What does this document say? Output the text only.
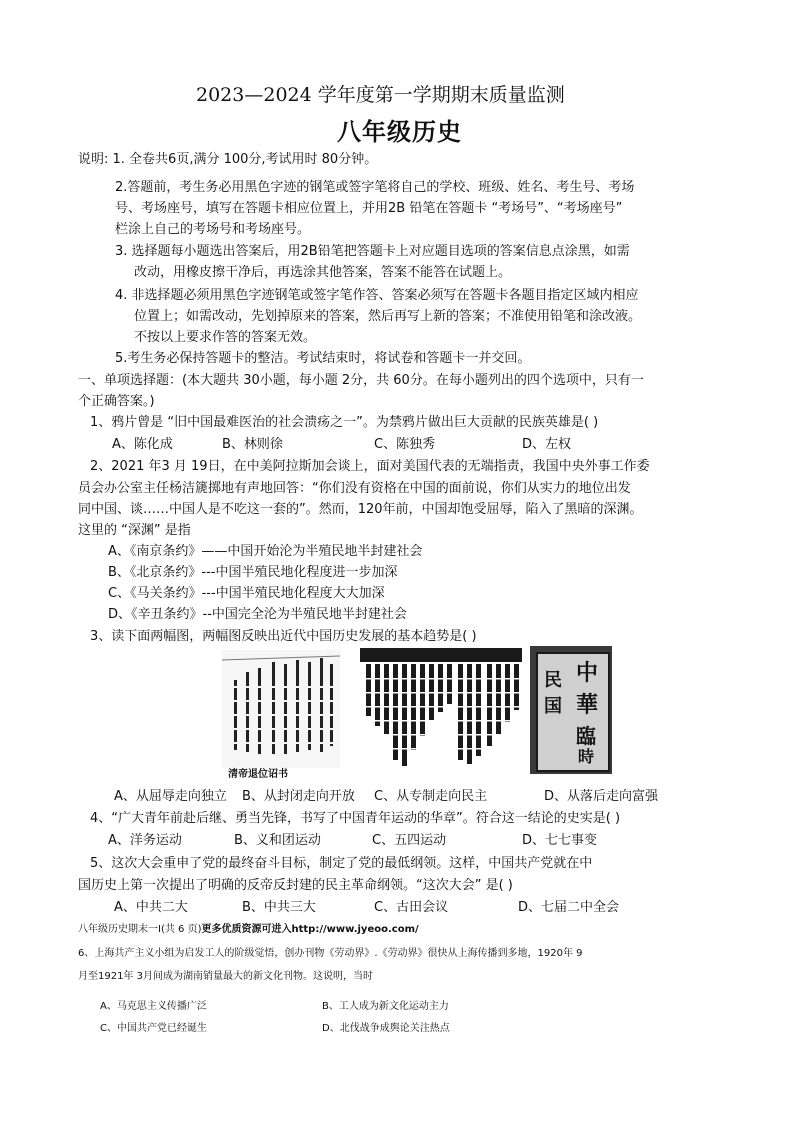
2023—2024 学年度第一学期期末质量监测
八年级历史
说明: 1. 全卷共6页,满分 100分,考试用时 80分钟。
2.答题前，考生务必用黑色字迹的钢笔或签字笔将自己的学校、班级、姓名、考生号、考场
号、考场座号，填写在答题卡相应位置上，并用2B 铅笔在答题卡 “考场号”、“考场座号”
栏涂上自己的考场号和考场座号。
3. 选择题每小题选出答案后，用2B铅笔把答题卡上对应题目选项的答案信息点涂黑，如需
改动，用橡皮擦干净后，再选涂其他答案，答案不能答在试题上。
4. 非选择题必须用黑色字迹钢笔或签字笔作答、答案必须写在答题卡各题目指定区域内相应
位置上；如需改动，先划掉原来的答案，然后再写上新的答案；不准使用铅笔和涂改液。
不按以上要求作答的答案无效。
5.考生务必保持答题卡的整洁。考试结束时，将试卷和答题卡一并交回。
一、单项选择题：(本大题共 30小题，每小题 2分，共 60分。在每小题列出的四个选项中，只有一
个正确答案。)
1、鸦片曾是 “旧中国最难医治的社会溃疡之一”。为禁鸦片做出巨大贡献的民族英雄是( )
A、陈化成	B、林则徐	C、陈独秀	D、左权
2、2021 年3 月 19日，在中美阿拉斯加会谈上，面对美国代表的无端指责，我国中央外事工作委
员会办公室主任杨洁篪掷地有声地回答：“你们没有资格在中国的面前说，你们从实力的地位出发
同中国、谈……中国人是不吃这一套的”。然而，120年前，中国却饱受屈辱，陷入了黑暗的深渊。
这里的 “深渊” 是指
A、《南京条约》——中国开始沦为半殖民地半封建社会
B、《北京条约》---中国半殖民地化程度进一步加深
C、《马关条约》---中国半殖民地化程度大大加深
D、《辛丑条约》--中国完全沦为半殖民地半封建社会
3、读下面两幅图，两幅图反映出近代中国历史发展的基本趋势是( )
清帝退位诏书
中
民
華
国
臨
時
A、从屈辱走向独立 B、从封闭走向开放 C、从专制走向民主	D、从落后走向富强
4、“广大青年前赴后继、勇当先锋，书写了中国青年运动的华章”。符合这一结论的史实是( )
A、洋务运动	B、义和团运动	C、五四运动	D、七七事变
5、这次大会重申了党的最终奋斗目标，制定了党的最低纲领。这样，中国共产党就在中
国历史上第一次提出了明确的反帝反封建的民主革命纲领。“这次大会” 是( )
A、中共二大	B、中共三大	C、古田会议	D、七届二中全会
八年级历史期末一I(共 6 页)更多优质资源可进入http://www.jyeoo.com/
6、上海共产主义小组为启发工人的阶级觉悟，创办刊物《劳动界》.《劳动界》很快从上海传播到多地，1920年 9
月至1921年 3月间成为湖南销量最大的新文化刊物。这说明，当时
A、马克思主义传播广泛	B、工人成为新文化运动主力
C、中国共产党已经诞生	D、北伐战争成舆论关注热点
